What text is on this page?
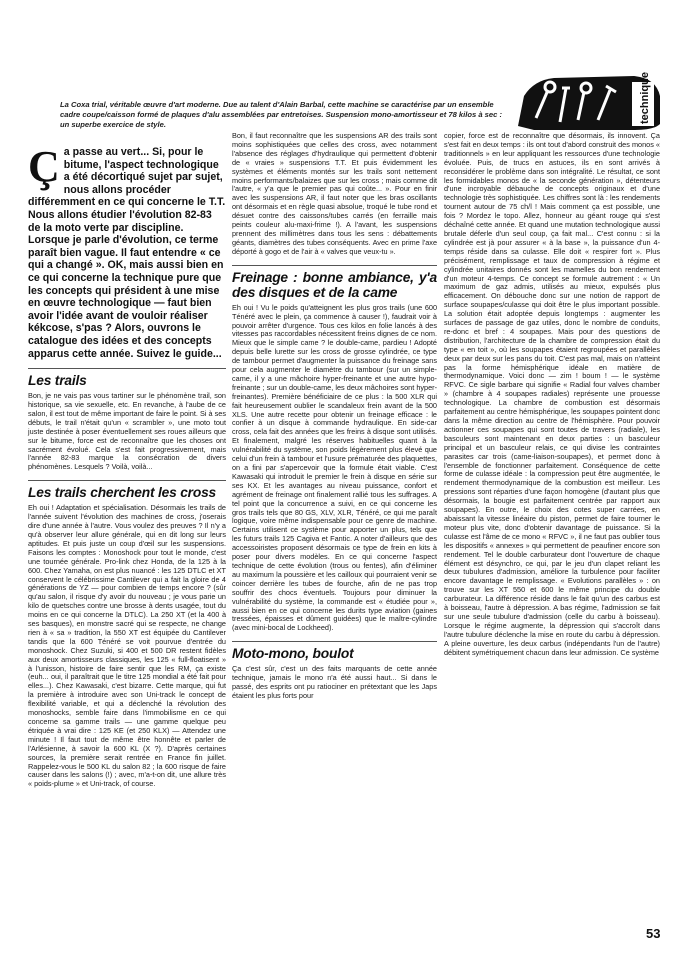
technique
La Coxa trial, véritable œuvre d'art moderne. Due au talent d'Alain Barbal, cette machine se caractérise par un ensemble cadre coupe/caisson formé de plaques d'alu assemblées par entretoises. Suspension mono-amortisseur et 78 kilos à sec : un superbe exercice de style.

Ça passe au vert... Si, pour le bitume, l'aspect technologique a été décortiqué sujet par sujet, nous allons procéder différemment en ce qui concerne le T.T. Nous allons étudier l'évolution 82-83 de la moto verte par discipline. Lorsque je parle d'évolution, ce terme paraît bien vague. Il faut entendre « ce qui a changé ». OK, mais aussi bien en ce qui concerne la technique pure que les concepts qui président à une mise en œuvre technologique — faut bien avoir l'idée avant de vouloir réaliser kékcose, s'pas ? Alors, ouvrons le catalogue des idées et des concepts apparus cette année. Suivez le guide...

Les trails

Bon, je ne vais pas vous tartiner sur le phénomène trail, son historique, sa vie sexuelle, etc. En revanche, à l'aube de ce salon, il est tout de même important de faire le point. Si à ses débuts, le trail n'était qu'un « scrambler », une moto tout juste destinée à poser éventuellement ses roues ailleurs que sur le bitume, force est de reconnaître que les choses ont sacrément évolué. Cela s'est fait progressivement, mais l'année 82-83 marque la consécration de divers phénomènes. Lesquels ? Voilà, voilà...

Les trails cherchent les cross

Eh oui ! Adaptation et spécialisation. Désormais les trails de l'année suivent l'évolution des machines de cross, j'oserais dire d'une année à l'autre. Vous voulez des preuves ? Il n'y a qu'à observer leur allure générale, qui en dit long sur leurs aptitudes. Et puis juste un coup d'œil sur les suspensions. Faisons les comptes : Monoshock pour tout le monde, c'est une tournée générale. Pro-link chez Honda, de la 125 à la 600. Chez Yamaha, on est plus nuancé : les 125 DTLC et XT conservent le célébrissime Cantilever qui a fait la gloire de 4 générations de YZ — pour combien de temps encore ? (sûr qu'au salon, il risque d'y avoir du nouveau ; je vous parie un kilo de quetsches contre une brosse à dents usagée, tout du moins en ce qui concerne la DTLC). La 250 XT (et la 400 à ses basques), en monstre sacré qui se respecte, ne change rien à « sa » tradition, la 550 XT est équipée du Cantilever tandis que la 600 Ténéré se voit pourvue d'entrée du monoshock. Chez Suzuki, si 400 et 500 DR restent fidèles aux deux amortisseurs classiques, les 125 « full-floatisent » à l'unisson, histoire de faire sentir que les RM, ça existe (euh... oui, il paraîtrait que le titre 125 mondial a été fait pour elles...). Chez Kawasaki, c'est bizarre. Cette marque, qui fut la première à introduire avec son Uni-track le concept de flexibilité variable, et qui a déclenché la révolution des monoshocks, semble faire dans l'immobilisme en ce qui concerne sa gamme trails — une gamme quelque peu étriquée à vrai dire : 125 KE (et 250 KLX) — Attendez une minute ! Il faut tout de même être honnête et parler de l'Arlésienne, à savoir la 600 KL (X ?). D'après certaines sources, la première serait rentrée en France fin juillet. Rappelez-vous le 500 KL du salon 82 ; la 600 risque de faire causer dans les salons (!) ; avec, m'a-t-on dit, une allure très « poids-plume » et Uni-track, of course.

Bon, il faut reconnaître que les suspensions AR des trails sont moins sophistiquées que celles des cross, avec notamment l'absence des réglages d'hydraulique qui permettent d'obtenir de « vraies » suspensions T.T. Et puis évidemment les systèmes et éléments montés sur les trails sont nettement moins performants/balaizes que sur les cross ; mais comme dit l'autre, « y'a que le premier pas qui coûte... ». Pour en finir avec les suspensions AR, il faut noter que les bras oscillants ont désormais et en règle quasi absolue, troqué le tube rond et désuet contre des caissons/tubes carrés (en ferraille mais peints couleur alu-maxi-frime !). A l'avant, les suspensions prennent des millimètres dans tous les sens : débattements géants, diamètres des tubes conséquents. Avec en prime l'axe déporté à gogo et de l'air à « valves que veux-tu ».

Freinage : bonne ambiance, y'a des disques et de la came

Eh oui ! Vu le poids qu'atteignent les plus gros trails (une 600 Ténéré avec le plein, ça commence à causer !), faudrait voir à pouvoir arrêter d'urgence. Tous ces kilos en folie lancés à des vitesses pas raccordables nécessitent freins dignes de ce nom. Mieux que le simple came ? le double-came, pardieu ! Adopté depuis belle lurette sur les cross de grosse cylindrée, ce type de tambour permet d'augmenter la puissance du freinage sans pour cela augmenter le diamètre du tambour (sur un simple-came, il y a une mâchoire hyper-freinante et une autre hypo-freinante ; sur un double-came, les deux mâchoires sont hyper-freinantes). Première bénéficiaire de ce plus : la 500 XLR qui fait heureusement oublier le scandaleux frein avant de la 500 XLS. Une autre recette pour obtenir un freinage efficace : le confier à un disque à commande hydraulique. En side-car cross, cela fait des années que les freins à disque sont utilisés. Et finalement, malgré les réserves habituelles quant à la vulnérabilité du système, son poids légèrement plus élevé que celui d'un frein à tambour et l'usure prématurée des plaquettes, on a fini par s'apercevoir que la formule était viable. C'est Kawasaki qui introduit le premier le frein à disque en série sur ses KX. Et les avantages au niveau puissance, confort et agrément de freinage ont finalement rallié tous les suffrages. A tel point que la concurrence a suivi, en ce qui concerne les gros trails tels que 80 GS, XLV, XLR, Ténéré, ce qui me paraît logique, voire même indispensable pour ce genre de machine. Certains utilisent ce système pour apporter un plus, tels que les futurs trails 125 Cagiva et Fantic. A noter d'ailleurs que des accessoiristes proposent désormais ce type de frein en kits à poser pour divers modèles. En ce qui concerne l'aspect technique de cette évolution (trous ou fentes), afin d'éliminer au maximum la poussière et les cailloux qui pourraient venir se coincer derrière les tubes de fourche, afin de ne pas trop souffrir des chocs éventuels. Toujours pour diminuer la vulnérabilité du système, la commande est « étudiée pour », aussi bien en ce qui concerne les durits type aviation (gaines tressées, épaisses et dûment guidées) que le maître-cylindre (avec mini-bocal de Lockheed).

Moto-mono, boulot

Ça c'est sûr, c'est un des faits marquants de cette année technique, jamais le mono n'a été aussi haut... Si dans le passé, des esprits ont pu ratiociner en prétextant que les Japs étaient les plus forts pour

copier, force est de reconnaître que désormais, ils innovent. Ça s'est fait en deux temps : ils ont tout d'abord construit des monos « traditionnels » en leur appliquant les ressources d'une technologie évoluée. Puis, de trucs en astuces, ils en sont arrivés à reconsidérer le problème dans son intégralité. Le résultat, ce sont les formidables monos de « la seconde génération », détenteurs d'une incroyable débauche de concepts originaux et d'une technologie très sophistiquée. Les chiffres sont là : les rendements tournent autour de 75 ch/l ! Mais comment ça est possible, une fois ? Mordez le topo. Allez, honneur au géant rouge qui s'est déchaîné cette année. Et quand une mutation technologique aussi brutale déferle d'un seul coup, ça fait mal... C'est connu : si la cylindrée est jà pour assurer « à la base », la puissance d'un 4-temps réside dans sa culasse. Elle doit « respirer fort ». Plus précisément, remplissage et taux de compression à régime et cylindrée unitaires donnés sont les mamelles du bon rendement d'un moteur 4-temps. Ce concept se formule autrement : « Un maximum de gaz admis, utilisés au mieux, expulsés plus efficacement. On débouche donc sur une notion de rapport de surface soupapes/culasse qui doit être le plus important possible. La solution était adoptée depuis longtemps : augmenter les surfaces de passage de gaz utiles, donc le nombre de conduits, re-donc et bref : 4 soupapes. Mais pour des questions de distribution, l'architecture de la chambre de compression était du type « en toit », où les soupapes étaient regroupées et parallèles deux par deux sur les pans du toit. C'est pas mal, mais on n'atteint pas la forme hémisphérique idéale en matière de thermodynamique. Voici donc — zim ! boum ! — le système RFVC. Ce sigle barbare qui signifie « Radial four valves chamber » (chambre à 4 soupapes radiales) représente une prouesse technologique. La chambre de combustion est désormais parfaitement au centre hémisphérique, les soupapes pointent donc dans la même direction au centre de l'hémisphère. Pour pouvoir actionner ces soupapes qui sont toutes de travers (radiale), les basculeurs sont maintenant en deux parties : un basculeur principal et un basculeur relais, ce qui divise les contraintes parasites car trois (came-liaison-soupapes), et permet donc à l'ensemble de fonctionner parfaitement. Conséquence de cette forme de culasse idéale : la compression peut être augmentée, le rendement thermodynamique de la combustion est meilleur. Les pressions sont réparties d'une façon homogène (d'autant plus que désormais, la bougie est parfaitement centrée par rapport aux soupapes). En outre, le choix des cotes super carrées, en abaissant la vitesse linéaire du piston, permet de faire tourner le moteur plus vite, donc d'obtenir davantage de puissance. Si la culasse est l'âme de ce mono « RFVC », il ne faut pas oublier tous les dispositifs « annexes » qui permettent de peaufiner encore son rendement. Tel le double carburateur dont l'ouverture de chaque élément est désynchro, ce qui, par le jeu d'un clapet reliant les deux tubulures d'admission, améliore la turbulence pour faciliter encore davantage le remplissage. « Evolutions parallèles » : on trouve sur les XT 550 et 600 le même principe du double carburateur. La différence réside dans le fait qu'un des carbus est à boisseau, l'autre à dépression. A bas régime, l'admission se fait sur une seule tubulure d'admission (celle du carbu à boisseau). Lorsque le régime augmente, la dépression qui s'accroît dans l'autre tubulure déclenche la mise en route du carbu à dépression. A pleine ouverture, les deux carbus (indépendants l'un de l'autre) débitent symétriquement chacun dans leur admission. Ce système

53
